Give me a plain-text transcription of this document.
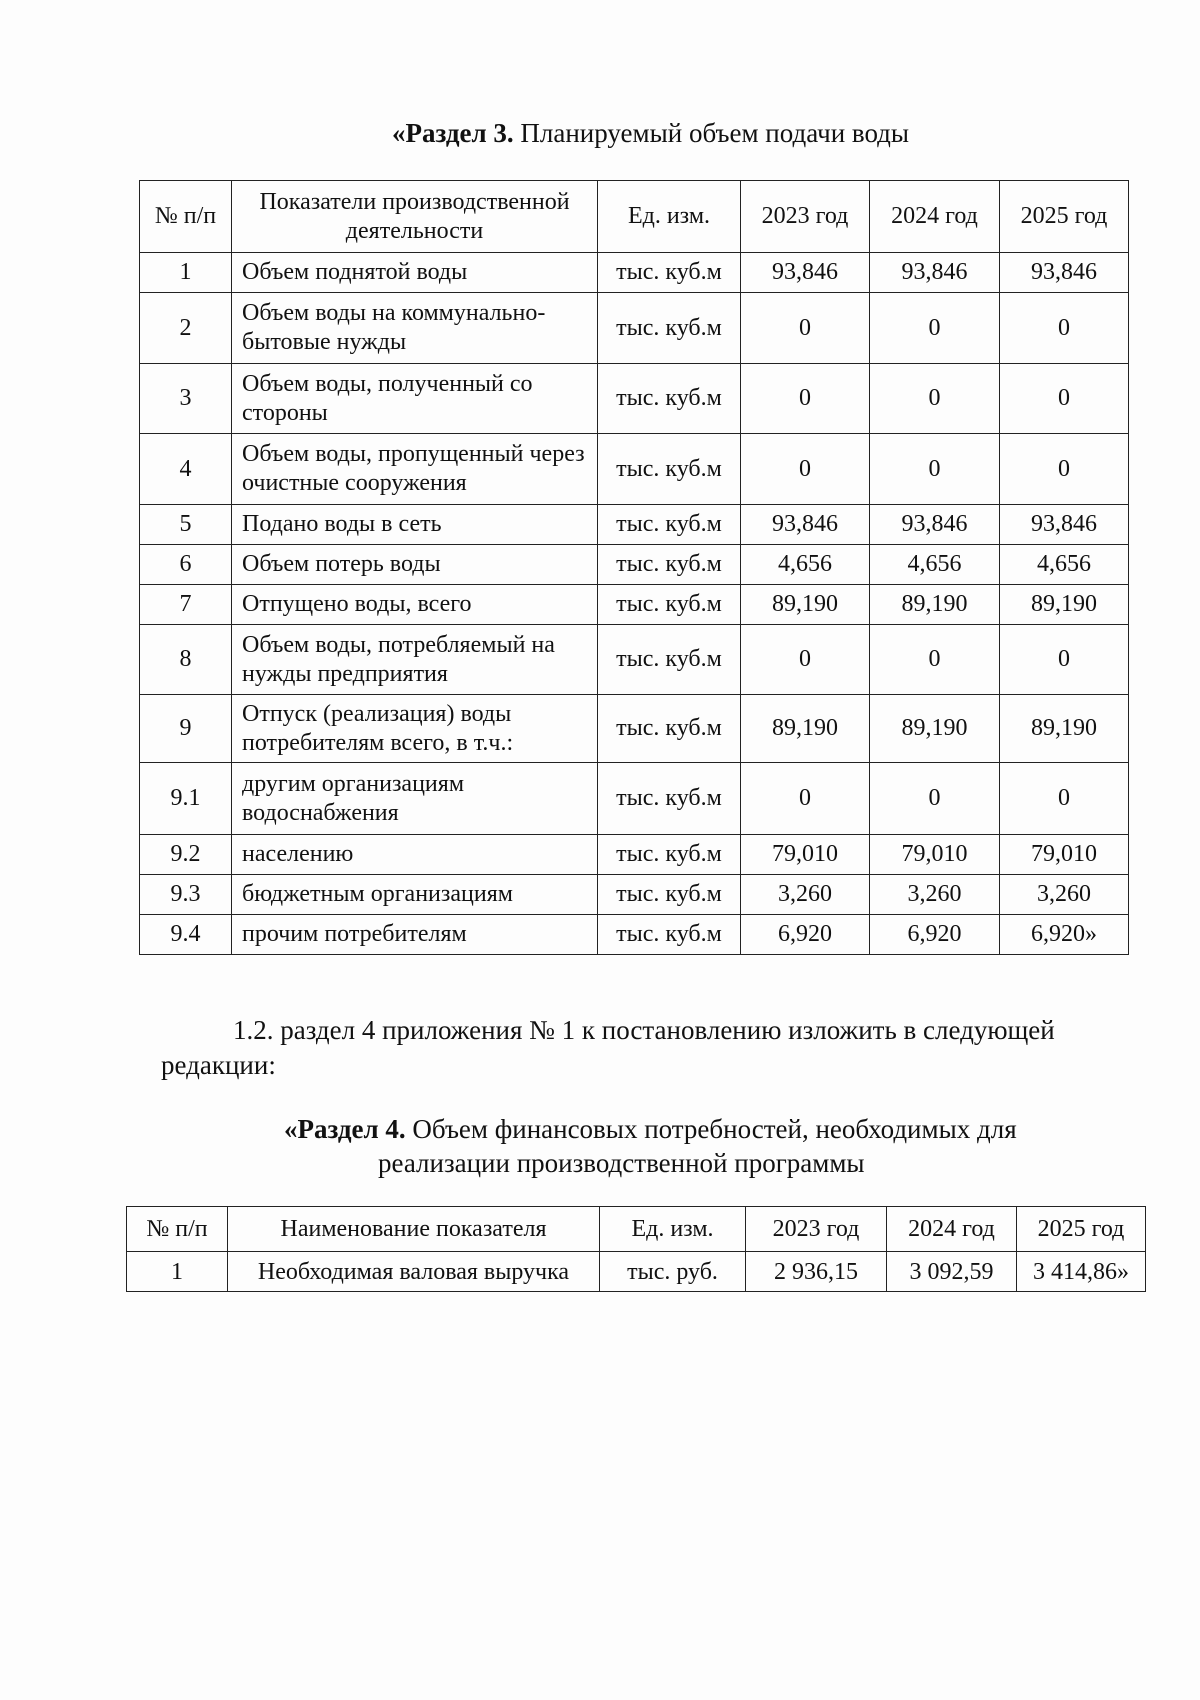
«Раздел 3. Планируемый объем подачи воды
№ п/п	Показатели производственной деятельности	Ед. изм.	2023 год	2024 год	2025 год
1	Объем поднятой воды	тыс. куб.м	93,846	93,846	93,846
2	Объем воды на коммунально-бытовые нужды	тыс. куб.м	0	0	0
3	Объем воды, полученный со стороны	тыс. куб.м	0	0	0
4	Объем воды, пропущенный через очистные сооружения	тыс. куб.м	0	0	0
5	Подано воды в сеть	тыс. куб.м	93,846	93,846	93,846
6	Объем потерь воды	тыс. куб.м	4,656	4,656	4,656
7	Отпущено воды, всего	тыс. куб.м	89,190	89,190	89,190
8	Объем воды, потребляемый на нужды предприятия	тыс. куб.м	0	0	0
9	Отпуск (реализация) воды потребителям всего, в т.ч.:	тыс. куб.м	89,190	89,190	89,190
9.1	другим организациям водоснабжения	тыс. куб.м	0	0	0
9.2	населению	тыс. куб.м	79,010	79,010	79,010
9.3	бюджетным организациям	тыс. куб.м	3,260	3,260	3,260
9.4	прочим потребителям	тыс. куб.м	6,920	6,920	6,920»
1.2. раздел 4 приложения № 1 к постановлению изложить в следующей
редакции:
«Раздел 4. Объем финансовых потребностей, необходимых для
реализации производственной программы
№ п/п	Наименование показателя	Ед. изм.	2023 год	2024 год	2025 год
1	Необходимая валовая выручка	тыс. руб.	2 936,15	3 092,59	3 414,86»
